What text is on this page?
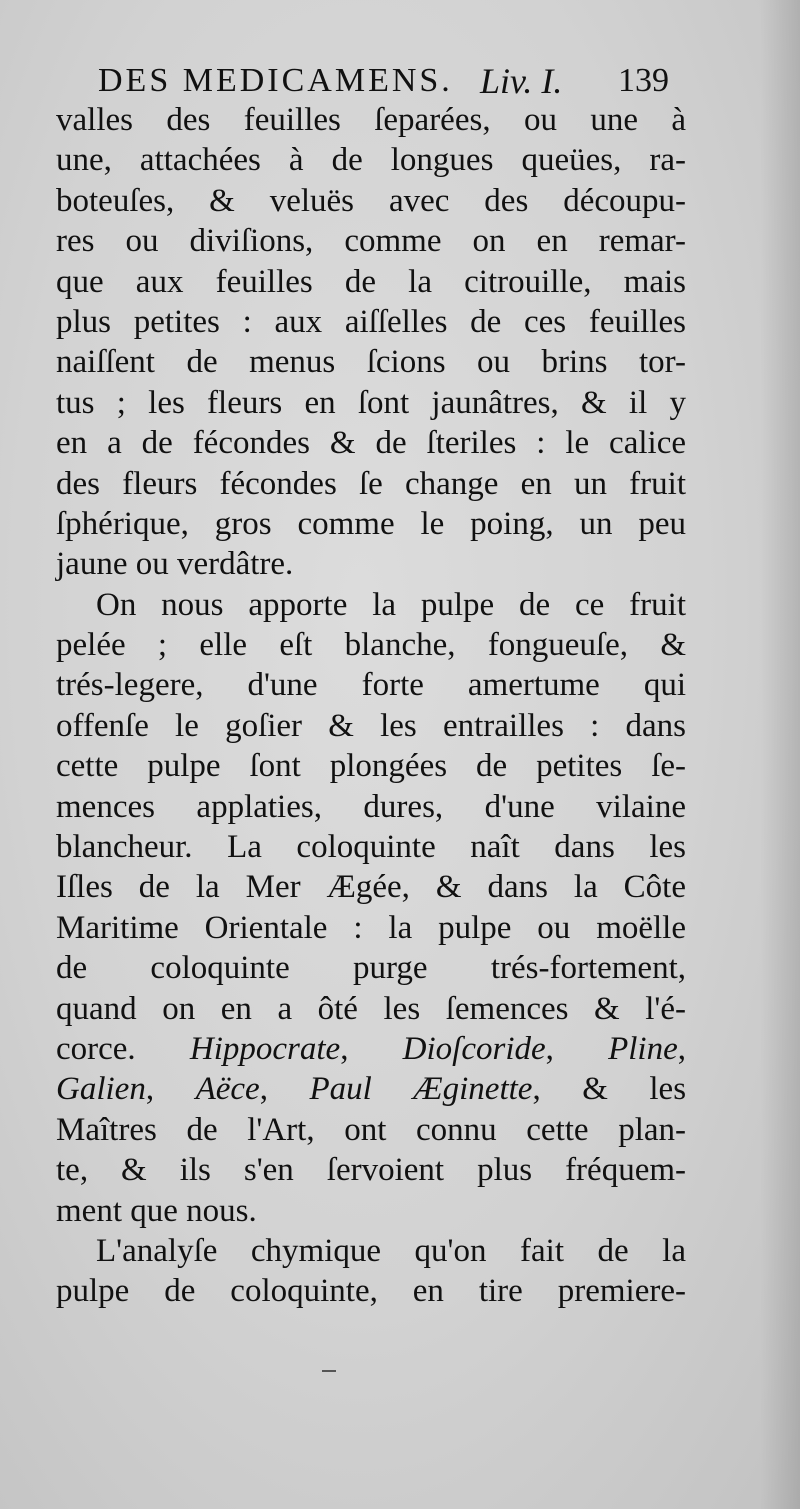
DES MEDICAMENS. Liv. I. 139
valles des feuilles ſeparées, ou une à
une, attachées à de longues queües, ra-
boteuſes, & veluës avec des découpu-
res ou diviſions, comme on en remar-
que aux feuilles de la citrouille, mais
plus petites : aux aiſſelles de ces feuilles
naiſſent de menus ſcions ou brins tor-
tus ; les fleurs en ſont jaunâtres, & il y
en a de fécondes & de ſteriles : le calice
des fleurs fécondes ſe change en un fruit
ſphérique, gros comme le poing, un peu
jaune ou verdâtre.
On nous apporte la pulpe de ce fruit
pelée ; elle eſt blanche, fongueuſe, &
trés-legere, d'une forte amertume qui
offenſe le goſier & les entrailles : dans
cette pulpe ſont plongées de petites ſe-
mences applaties, dures, d'une vilaine
blancheur. La coloquinte naît dans les
Iſles de la Mer Ægée, & dans la Côte
Maritime Orientale : la pulpe ou moëlle
de coloquinte purge trés-fortement,
quand on en a ôté les ſemences & l'é-
corce. Hippocrate, Dioſcoride, Pline,
Galien, Aëce, Paul Æginette, & les
Maîtres de l'Art, ont connu cette plan-
te, & ils s'en ſervoient plus fréquem-
ment que nous.
L'analyſe chymique qu'on fait de la
pulpe de coloquinte, en tire premiere-
